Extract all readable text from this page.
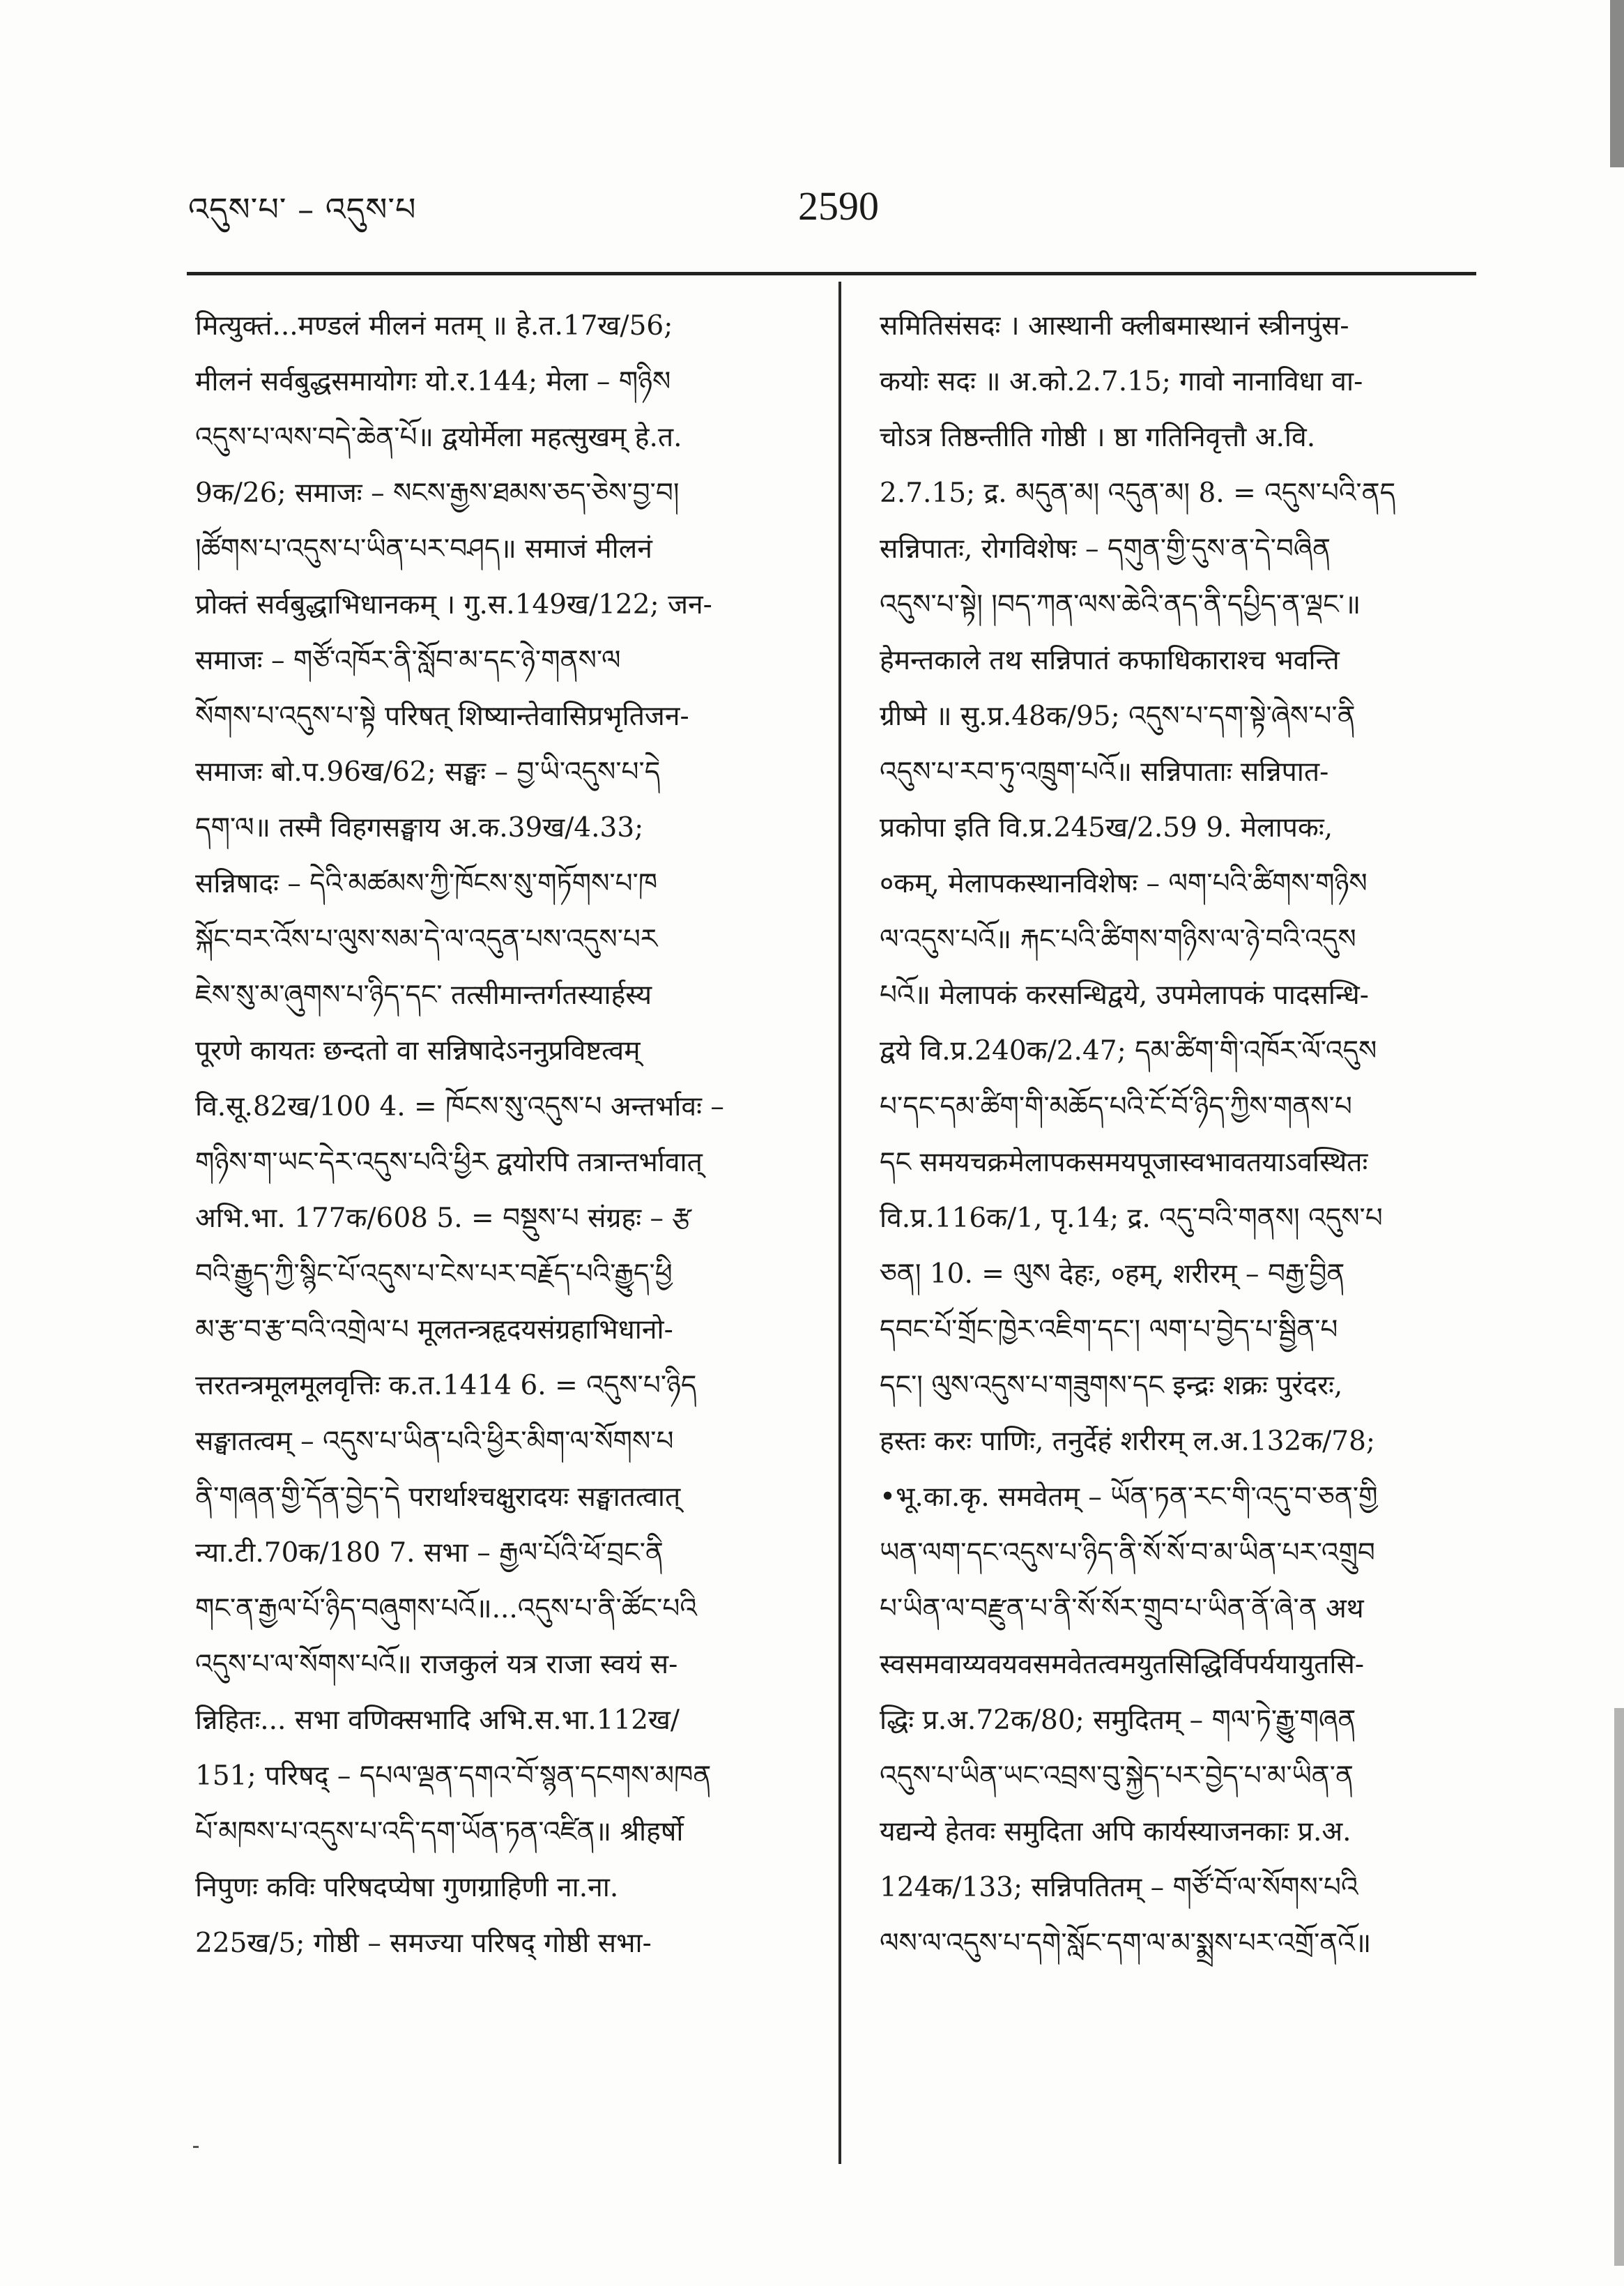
འདུས་པ་ – འདུས་པ	2590
मित्युक्तं...मण्डलं मीलनं मतम् ॥ हे.त.17ख/56;
मीलनं सर्वबुद्धसमायोगः यो.र.144; मेला – གཉིས
འདུས་པ་ལས་བདེ་ཆེན་པོ॥ द्वयोर्मेला महत्सुखम् हे.त.
9क/26; समाजः – སངས་རྒྱས་ཐམས་ཅད་ཅེས་བྱ་བ།
།ཚོགས་པ་འདུས་པ་ཡིན་པར་བཤད॥ समाजं मीलनं
प्रोक्तं सर्वबुद्धाभिधानकम् । गु.स.149ख/122; जन-
समाजः – གཙོ་འཁོར་ནི་སློབ་མ་དང་ཉེ་གནས་ལ
སོགས་པ་འདུས་པ་སྟེ परिषत् शिष्यान्तेवासिप्रभृतिजन-
समाजः बो.प.96ख/62; सङ्घः – བྱ་ཡི་འདུས་པ་དེ
དག་ལ॥ तस्मै विहगसङ्घाय अ.क.39ख/4.33;
सन्निषादः – དེའི་མཚམས་ཀྱི་ཁོངས་སུ་གཏོགས་པ་ཁ
སྐོང་བར་འོས་པ་ལུས་སམ་དེ་ལ་འདུན་པས་འདུས་པར
ཇེས་སུ་མ་ཞུགས་པ་ཉིད་དང་ तत्सीमान्तर्गतस्यार्हस्य
पूरणे कायतः छन्दतो वा सन्निषादेऽननुप्रविष्टत्वम्
वि.सू.82ख/100 4. = ཁོངས་སུ་འདུས་པ अन्तर्भावः –
གཉིས་ག་ཡང་དེར་འདུས་པའི་ཕྱིར द्वयोरपि तत्रान्तर्भावात्
अभि.भा. 177क/608 5. = བསྡུས་པ संग्रहः – རྩ
བའི་རྒྱུད་ཀྱི་སྙིང་པོ་འདུས་པ་ངེས་པར་བརྗོད་པའི་རྒྱུད་ཕྱི
མ་རྩ་བ་རྩ་བའི་འགྲེལ་པ मूलतन्त्रहृदयसंग्रहाभिधानो-
त्तरतन्त्रमूलमूलवृत्तिः क.त.1414 6. = འདུས་པ་ཉིད
सङ्घातत्वम् – འདུས་པ་ཡིན་པའི་ཕྱིར་མིག་ལ་སོགས་པ
ནི་གཞན་གྱི་དོན་བྱེད་དེ परार्थाश्चक्षुरादयः सङ्घातत्वात्
न्या.टी.70क/180 7. सभा – རྒྱལ་པོའི་ཕོ་བྲང་ནི
གང་ན་རྒྱལ་པོ་ཉིད་བཞུགས་པའོ॥...འདུས་པ་ནི་ཚོང་པའི
འདུས་པ་ལ་སོགས་པའོ॥ राजकुलं यत्र राजा स्वयं स-
न्निहितः... सभा वणिक्सभादि अभि.स.भा.112ख/
151; परिषद् – དཔལ་ལྡན་དགའ་བོ་སྙན་དངགས་མཁན
པོ་མཁས་པ་འདུས་པ་འདི་དག་ཡོན་ཏན་འཛིན॥ श्रीहर्षो
निपुणः कविः परिषदप्येषा गुणग्राहिणी ना.ना.
225ख/5; गोष्ठी – समज्या परिषद् गोष्ठी सभा-
समितिसंसदः । आस्थानी क्लीबमास्थानं स्त्रीनपुंस-
कयोः सदः ॥ अ.को.2.7.15; गावो नानाविधा वा-
चोऽत्र तिष्ठन्तीति गोष्ठी । ष्ठा गतिनिवृत्तौ अ.वि.
2.7.15; द्र. མདུན་མ། འདུན་མ། 8. = འདུས་པའི་ནད
सन्निपातः, रोगविशेषः – དགུན་གྱི་དུས་ན་དེ་བཞིན
འདུས་པ་སྟེ། །བད་ཀན་ལས་ཆེའི་ནད་ནི་དཔྱིད་ན་ལྡང་॥
हेमन्तकाले तथ सन्निपातं कफाधिकाराश्च भवन्ति
ग्रीष्मे ॥ सु.प्र.48क/95; འདུས་པ་དག་སྟེ་ཞེས་པ་ནི
འདུས་པ་རབ་ཏུ་འཁྲུག་པའོ॥ सन्निपाताः सन्निपात-
प्रकोपा इति वि.प्र.245ख/2.59 9. मेलापकः,
०कम्, मेलापकस्थानविशेषः – ལག་པའི་ཚིགས་གཉིས
ལ་འདུས་པའོ॥ རྐང་པའི་ཚིགས་གཉིས་ལ་ཉེ་བའི་འདུས
པའོ॥ मेलापकं करसन्धिद्वये, उपमेलापकं पादसन्धि-
द्वये वि.प्र.240क/2.47; དམ་ཚིག་གི་འཁོར་ལོ་འདུས
པ་དང་དམ་ཚིག་གི་མཆོད་པའི་ངོ་བོ་ཉིད་ཀྱིས་གནས་པ
དང समयचक्रमेलापकसमयपूजास्वभावतयाऽवस्थितः
वि.प्र.116क/1, पृ.14; द्र. འདུ་བའི་གནས། འདུས་པ
ཅན། 10. = ལུས देहः, ०हम्, शरीरम् – བརྒྱ་བྱིན
དབང་པོ་གྲོང་ཁྱེར་འཇིག་དང་། ལག་པ་བྱེད་པ་སྦྱིན་པ
དང་། ལུས་འདུས་པ་གཟུགས་དང इन्द्रः शक्रः पुरंदरः,
हस्तः करः पाणिः, तनुर्देहं शरीरम् ल.अ.132क/78;
•भू.का.कृ. समवेतम् – ཡོན་ཏན་རང་གི་འདུ་བ་ཅན་གྱི
ཡན་ལག་དང་འདུས་པ་ཉིད་ནི་སོ་སོ་བ་མ་ཡིན་པར་འགྲུབ
པ་ཡིན་ལ་བརྫུན་པ་ནི་སོ་སོར་གྲུབ་པ་ཡིན་ནོ་ཞེ་ན अथ
स्वसमवाय्यवयवसमवेतत्वमयुतसिद्धिर्विपर्ययायुतसि-
द्धिः प्र.अ.72क/80; समुदितम् – གལ་ཏེ་རྒྱུ་གཞན
འདུས་པ་ཡིན་ཡང་འབྲས་བུ་སྐྱེད་པར་བྱེད་པ་མ་ཡིན་ན
यद्यन्ये हेतवः समुदिता अपि कार्यस्याजनकाः प्र.अ.
124क/133; सन्निपतितम् – གཙོ་བོ་ལ་སོགས་པའི
ལས་ལ་འདུས་པ་དགེ་སློང་དག་ལ་མ་སྨྲས་པར་འགྲོ་ནའོ॥
